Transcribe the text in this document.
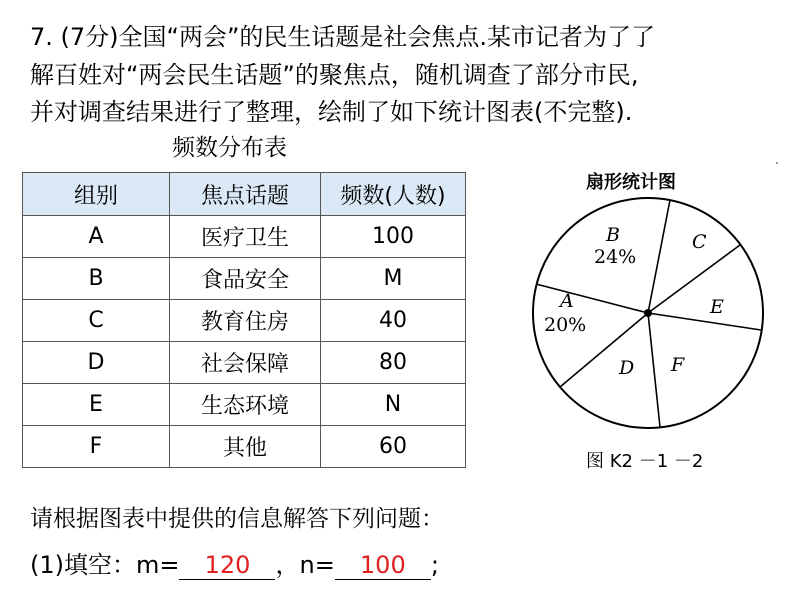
7. (7分)全国“两会”的民生话题是社会焦点.某市记者为了了
解百姓对“两会民生话题”的聚焦点，随机调查了部分市民,
并对调查结果进行了整理，绘制了如下统计图表(不完整).
频数分布表
组别	焦点话题	频数(人数)
A	医疗卫生	100
B	食品安全	M
C	教育住房	40
D	社会保障	80
E	生态环境	N
F	其他	60
扇形统计图
B
24%
C
E
A
20%
D F
图 K2 －1 －2
请根据图表中提供的信息解答下列问题：
(1)填空：m= 120 ，n= 100 ;
